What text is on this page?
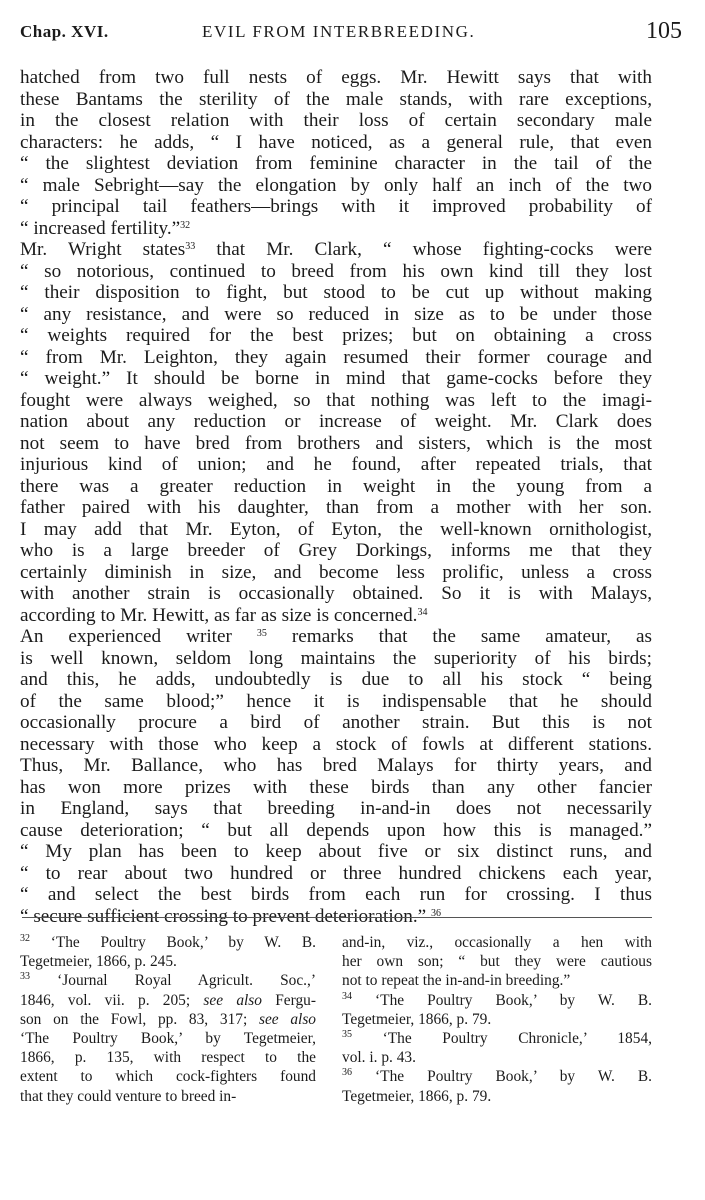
Chap. XVI.	EVIL FROM INTERBREEDING.	105
hatched from two full nests of eggs. Mr. Hewitt says that with
these Bantams the sterility of the male stands, with rare exceptions,
in the closest relation with their loss of certain secondary male
characters: he adds, “ I have noticed, as a general rule, that even
“ the slightest deviation from feminine character in the tail of the
“ male Sebright—say the elongation by only half an inch of the two
“ principal tail feathers—brings with it improved probability of
“ increased fertility.”$^{32}$
Mr. Wright states$^{33}$ that Mr. Clark, “ whose fighting-cocks were
“ so notorious, continued to breed from his own kind till they lost
“ their disposition to fight, but stood to be cut up without making
“ any resistance, and were so reduced in size as to be under those
“ weights required for the best prizes; but on obtaining a cross
“ from Mr. Leighton, they again resumed their former courage and
“ weight.” It should be borne in mind that game-cocks before they
fought were always weighed, so that nothing was left to the imagi-
nation about any reduction or increase of weight. Mr. Clark does
not seem to have bred from brothers and sisters, which is the most
injurious kind of union; and he found, after repeated trials, that
there was a greater reduction in weight in the young from a
father paired with his daughter, than from a mother with her son.
I may add that Mr. Eyton, of Eyton, the well-known ornithologist,
who is a large breeder of Grey Dorkings, informs me that they
certainly diminish in size, and become less prolific, unless a cross
with another strain is occasionally obtained. So it is with Malays,
according to Mr. Hewitt, as far as size is concerned.$^{34}$
An experienced writer $^{35}$ remarks that the same amateur, as
is well known, seldom long maintains the superiority of his birds;
and this, he adds, undoubtedly is due to all his stock “ being
of the same blood;” hence it is indispensable that he should
occasionally procure a bird of another strain. But this is not
necessary with those who keep a stock of fowls at different stations.
Thus, Mr. Ballance, who has bred Malays for thirty years, and
has won more prizes with these birds than any other fancier
in England, says that breeding in-and-in does not necessarily
cause deterioration; “ but all depends upon how this is managed.”
“ My plan has been to keep about five or six distinct runs, and
“ to rear about two hundred or three hundred chickens each year,
“ and select the best birds from each run for crossing. I thus
“ secure sufficient crossing to prevent deterioration.” $^{36}$
$^{32}$ ‘The Poultry Book,’ by W. B.
Tegetmeier, 1866, p. 245.
$^{33}$ ‘Journal Royal Agricult. Soc.,’
1846, vol. vii. p. 205; see also Fergu-
son on the Fowl, pp. 83, 317; see also
‘The Poultry Book,’ by Tegetmeier,
1866, p. 135, with respect to the
extent to which cock-fighters found
that they could venture to breed in-
and-in, viz., occasionally a hen with
her own son; “ but they were cautious
not to repeat the in-and-in breeding.”
$^{34}$ ‘The Poultry Book,’ by W. B.
Tegetmeier, 1866, p. 79.
$^{35}$ ‘The Poultry Chronicle,’ 1854,
vol. i. p. 43.
$^{36}$ ‘The Poultry Book,’ by W. B.
Tegetmeier, 1866, p. 79.
